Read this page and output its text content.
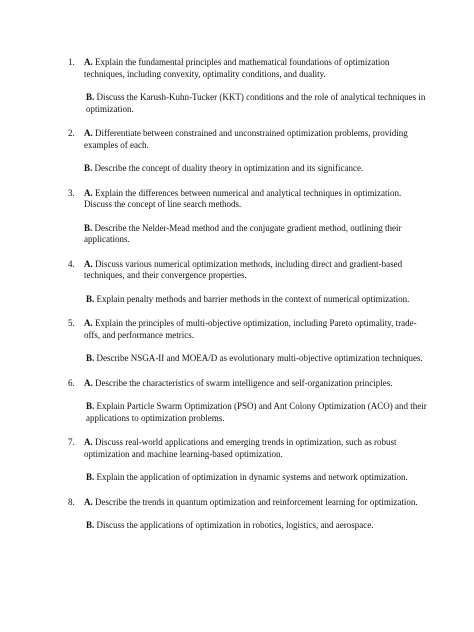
1. A. Explain the fundamental principles and mathematical foundations of optimization techniques, including convexity, optimality conditions, and duality.

B. Discuss the Karush-Kuhn-Tucker (KKT) conditions and the role of analytical techniques in optimization.

2. A. Differentiate between constrained and unconstrained optimization problems, providing examples of each.

B. Describe the concept of duality theory in optimization and its significance.

3. A. Explain the differences between numerical and analytical techniques in optimization. Discuss the concept of line search methods.

B. Describe the Nelder-Mead method and the conjugate gradient method, outlining their applications.

4. A. Discuss various numerical optimization methods, including direct and gradient-based techniques, and their convergence properties.

B. Explain penalty methods and barrier methods in the context of numerical optimization.

5. A. Explain the principles of multi-objective optimization, including Pareto optimality, trade-offs, and performance metrics.

B. Describe NSGA-II and MOEA/D as evolutionary multi-objective optimization techniques.

6. A. Describe the characteristics of swarm intelligence and self-organization principles.

B. Explain Particle Swarm Optimization (PSO) and Ant Colony Optimization (ACO) and their applications to optimization problems.

7. A. Discuss real-world applications and emerging trends in optimization, such as robust optimization and machine learning-based optimization.

B. Explain the application of optimization in dynamic systems and network optimization.

8. A. Describe the trends in quantum optimization and reinforcement learning for optimization.

B. Discuss the applications of optimization in robotics, logistics, and aerospace.
